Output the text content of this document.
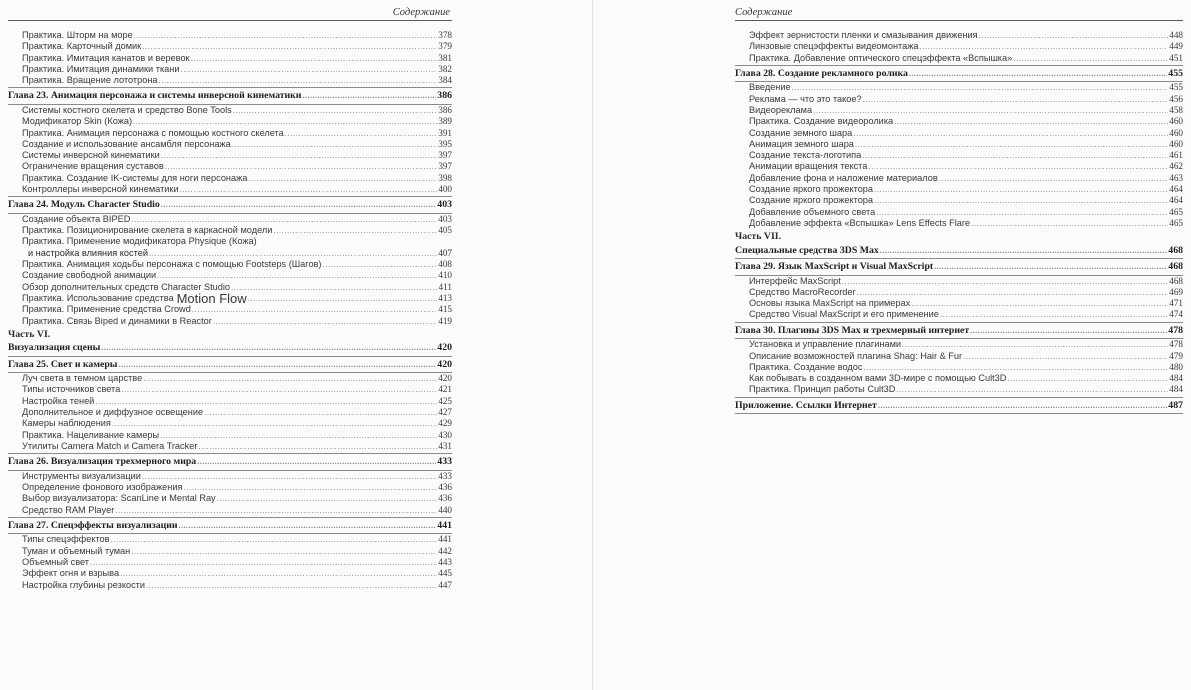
Содержание
Практика. Шторм на море .....	378
Практика. Карточный домик .....	379
Практика. Имитация канатов и веревок .....	381
Практика. Имитация динамики ткани .....	382
Практика. Вращение лототрона .....	384
Глава 23. Анимация персонажа и системы инверсной кинематики .....	386
Системы костного скелета и средство Bone Tools .....	386
Модификатор Skin (Кожа) .....	389
Практика. Анимация персонажа с помощью костного скелета .....	391
Создание и использование ансамбля персонажа .....	395
Системы инверсной кинематики .....	397
Ограничение вращения суставов .....	397
Практика. Создание IK-системы для ноги персонажа .....	398
Контроллеры инверсной кинематики .....	400
Глава 24. Модуль Character Studio .....	403
Создание объекта BIPED .....	403
Практика. Позиционирование скелета в каркасной модели .....	405
Практика. Применение модификатора Physique (Кожа)
и настройка влияния костей .....	407
Практика. Анимация ходьбы персонажа с помощью Footsteps (Шагов) .....	408
Создание свободной анимации .....	410
Обзор дополнительных средств Character Studio .....	411
Практика. Использование средства Motion Flow .....	413
Практика. Применение средства Crowd .....	415
Практика. Связь Biped и динамики в Reactor .....	419
Часть VI.
Визуализация сцены .....	420
Глава 25. Свет и камеры .....	420
Луч света в темном царстве .....	420
Типы источников света .....	421
Настройка теней .....	425
Дополнительное и диффузное освещение .....	427
Камеры наблюдения .....	429
Практика. Нацеливание камеры .....	430
Утилиты Camera Match и Camera Tracker .....	431
Глава 26. Визуализация трехмерного мира .....	433
Инструменты визуализации .....	433
Определение фонового изображения .....	436
Выбор визуализатора: ScanLine и Mental Ray .....	436
Средство RAM Player .....	440
Глава 27. Спецэффекты визуализации .....	441
Типы спецэффектов .....	441
Туман и объемный туман .....	442
Объемный свет .....	443
Эффект огня и взрыва .....	445
Настройка глубины резкости .....	447
Содержание
Эффект зернистости пленки и смазывания движения .....	448
Линзовые спецэффекты видеомонтажа .....	449
Практика. Добавление оптического спецэффекта «Вспышка» .....	451
Глава 28. Создание рекламного ролика .....	455
Введение .....	455
Реклама — что это такое? .....	456
Видеореклама .....	458
Практика. Создание видеоролика .....	460
Создание земного шара .....	460
Анимация земного шара .....	460
Создание текста-логотипа .....	461
Анимации вращения текста .....	462
Добавление фона и наложение материалов .....	463
Создание яркого прожектора .....	464
Создание яркого прожектора .....	464
Добавление объемного света .....	465
Добавление эффекта «Вспышка» Lens Effects Flare .....	465
Часть VII.
Специальные средства 3DS Max .....	468
Глава 29. Язык MaxScript и Visual MaxScript .....	468
Интерфейс MaxScript .....	468
Средство MacroRecorder .....	469
Основы языка MaxScript на примерах .....	471
Средство Visual MaxScript и его применение .....	474
Глава 30. Плагины 3DS Max и трехмерный интернет .....	478
Установка и управление плагинами .....	478
Описание возможностей плагина Shag: Hair & Fur .....	479
Практика. Создание водоc .....	480
Как побывать в созданном вами 3D-мире с помощью Cult3D .....	484
Практика. Принцип работы Cult3D .....	484
Приложение. Ссылки Интернет .....	487
